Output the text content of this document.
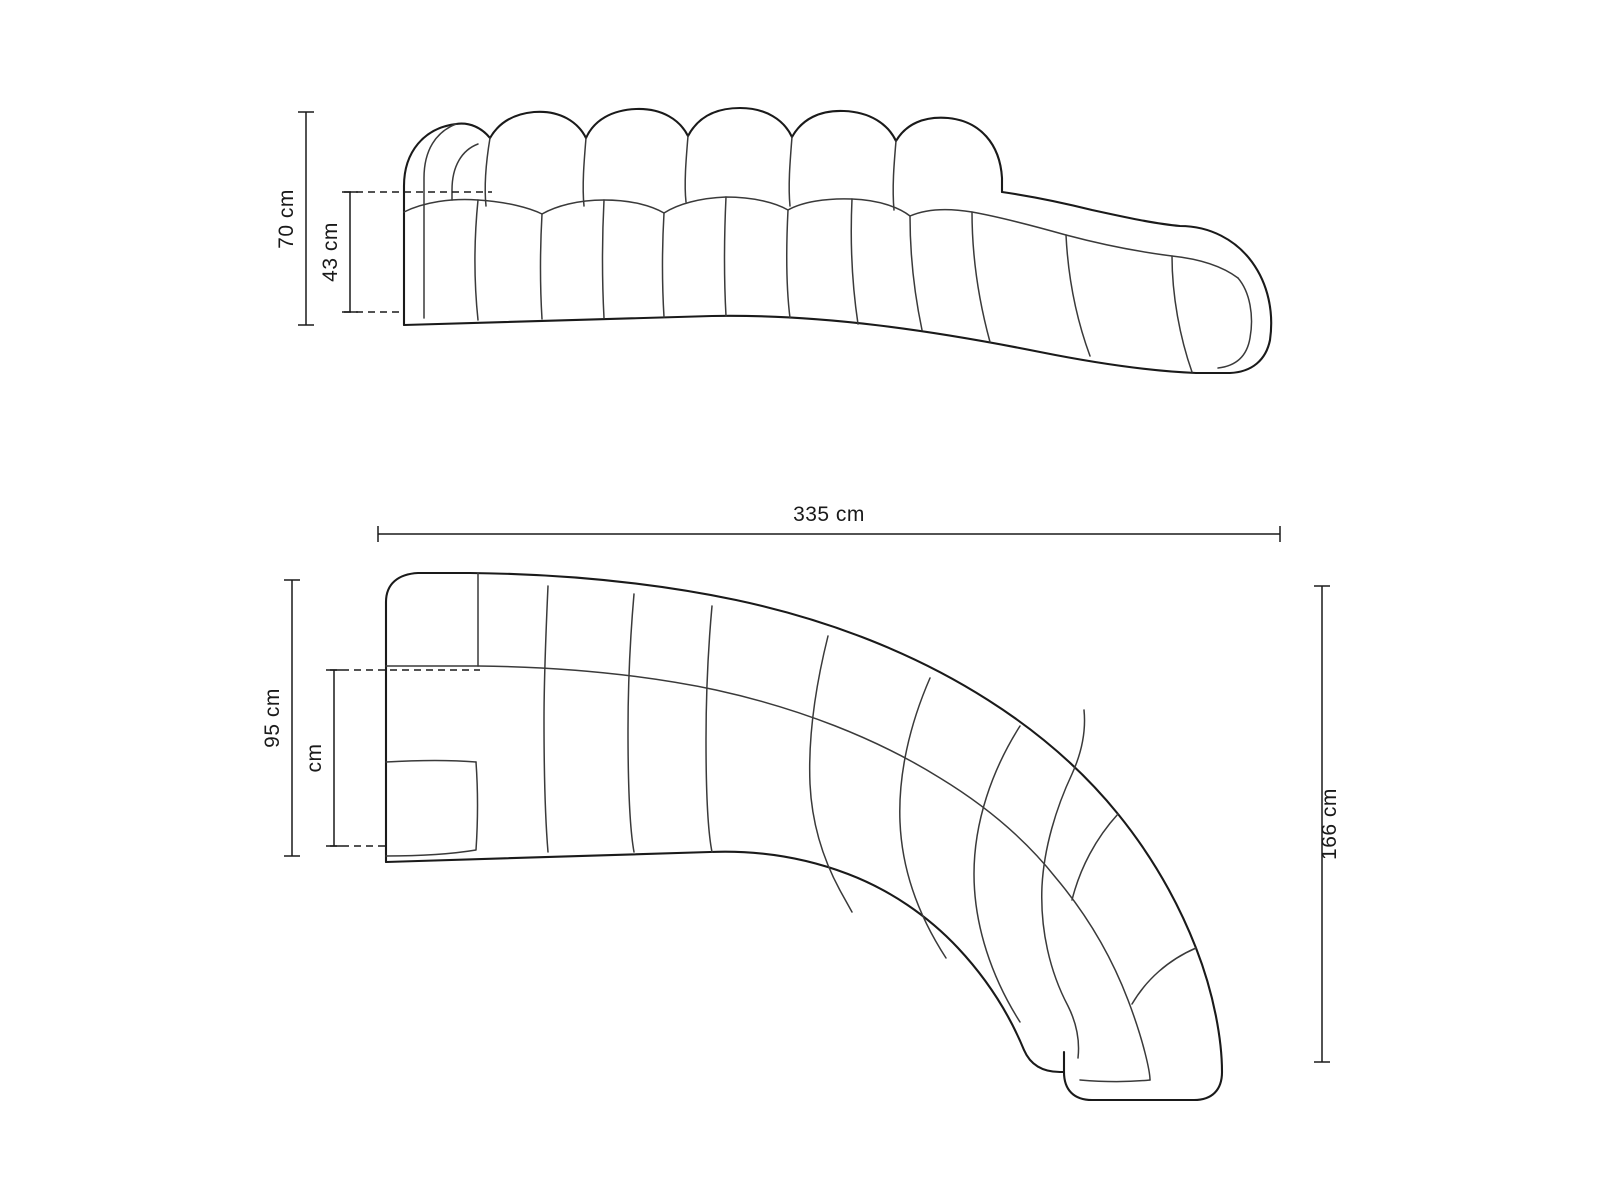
70 cm
43 cm
335 cm
95 cm
cm
166 cm
